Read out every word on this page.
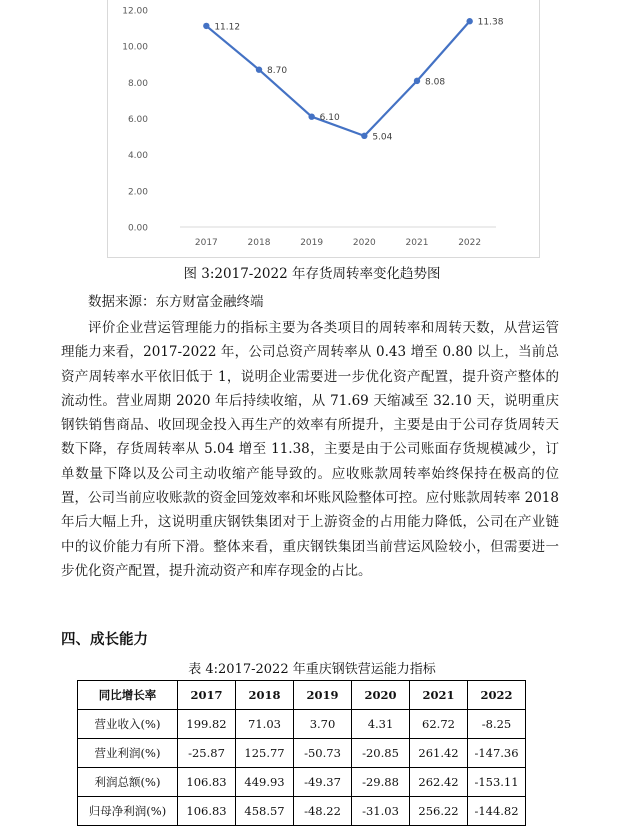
0.00
2.00
4.00
6.00
8.00
10.00
12.00
2017	2018	2019	2020	2021	2022
11.12
8.70
6.10
5.04
8.08
11.38
图 3:2017-2022 年存货周转率变化趋势图
数据来源：东方财富金融终端
评价企业营运管理能力的指标主要为各类项目的周转率和周转天数，从营运管理能力来看，2017-2022 年，公司总资产周转率从 0.43 增至 0.80 以上，当前总资产周转率水平依旧低于 1，说明企业需要进一步优化资产配置，提升资产整体的流动性。营业周期 2020 年后持续收缩，从 71.69 天缩减至 32.10 天，说明重庆钢铁销售商品、收回现金投入再生产的效率有所提升，主要是由于公司存货周转天数下降，存货周转率从 5.04 增至 11.38，主要是由于公司账面存货规模减少，订单数量下降以及公司主动收缩产能导致的。应收账款周转率始终保持在极高的位置，公司当前应收账款的资金回笼效率和坏账风险整体可控。应付账款周转率 2018 年后大幅上升，这说明重庆钢铁集团对于上游资金的占用能力降低，公司在产业链中的议价能力有所下滑。整体来看，重庆钢铁集团当前营运风险较小，但需要进一步优化资产配置，提升流动资产和库存现金的占比。
四、成长能力
表 4:2017-2022 年重庆钢铁营运能力指标
同比增长率	2017	2018	2019	2020	2021	2022
营业收入(%)	199.82	71.03	3.70	4.31	62.72	-8.25
营业利润(%)	-25.87	125.77	-50.73	-20.85	261.42	-147.36
利润总额(%)	106.83	449.93	-49.37	-29.88	262.42	-153.11
归母净利润(%)	106.83	458.57	-48.22	-31.03	256.22	-144.82
